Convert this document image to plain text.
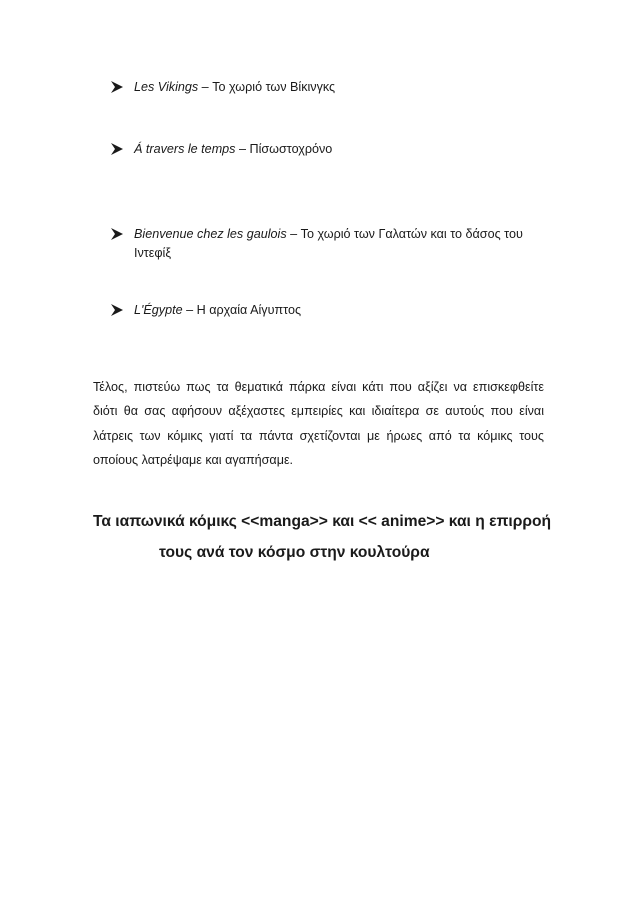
Les Vikings – Το χωριό των Βίκινγκς
Á travers le temps – Πίσωστοχρόνο
Bienvenue chez les gaulois – Το χωριό των Γαλατών και το δάσος του Ιντεφίξ
L'Égypte – Η αρχαία Αίγυπτος

Τέλος, πιστεύω πως τα θεματικά πάρκα είναι κάτι που αξίζει να επισκεφθείτε διότι θα σας αφήσουν αξέχαστες εμπειρίες και ιδιαίτερα σε αυτούς που είναι λάτρεις των κόμικς γιατί τα πάντα σχετίζονται με ήρωες από τα κόμικς τους οποίους λατρέψαμε και αγαπήσαμε.

Τα ιαπωνικά κόμικς <<manga>> και << anime>> και η επιρροή
τους ανά τον κόσμο στην κουλτούρα
